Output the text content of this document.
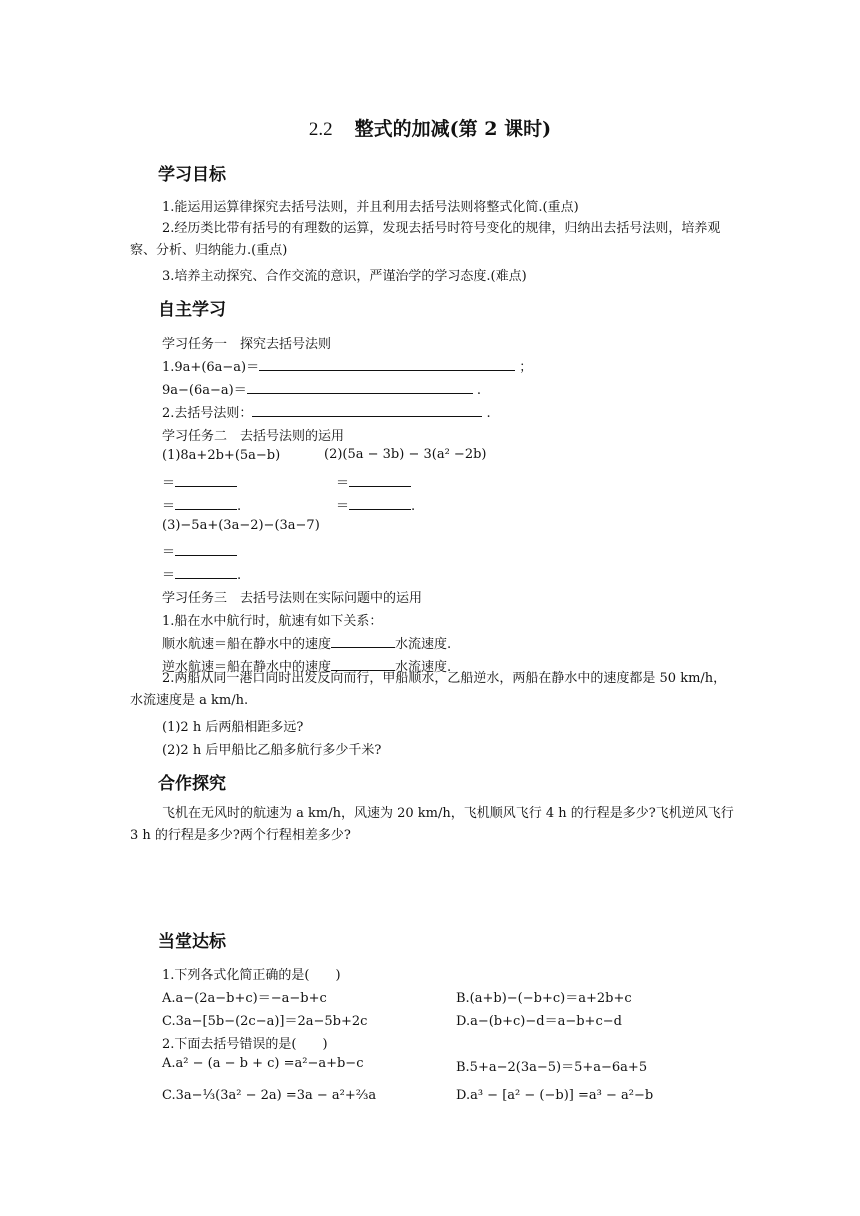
2.2 整式的加减(第 2 课时)
学习目标
1.能运用运算律探究去括号法则，并且利用去括号法则将整式化简.(重点)
2.经历类比带有括号的有理数的运算，发现去括号时符号变化的规律，归纳出去括号法则，培养观察、分析、归纳能力.(重点)
3.培养主动探究、合作交流的意识，严谨治学的学习态度.(难点)
自主学习
学习任务一　探究去括号法则
1.9a+(6a−a)＝	；
9a−(6a−a)＝	.
2.去括号法则：	.
学习任务二　去括号法则的运用
(1)8a+2b+(5a−b)	(2)(5a − 3b) − 3(a² −2b)
＝	＝
＝	.	＝	.
(3)−5a+(3a−2)−(3a−7)
＝
＝	.
学习任务三　去括号法则在实际问题中的运用
1.船在水中航行时，航速有如下关系：
顺水航速＝船在静水中的速度	水流速度.
逆水航速＝船在静水中的速度	水流速度.
2.两船从同一港口同时出发反向而行，甲船顺水，乙船逆水，两船在静水中的速度都是 50 km/h，水流速度是 a km/h.
(1)2 h 后两船相距多远?
(2)2 h 后甲船比乙船多航行多少千米?
合作探究
飞机在无风时的航速为 a km/h，风速为 20 km/h，飞机顺风飞行 4 h 的行程是多少?飞机逆风飞行 3 h 的行程是多少?两个行程相差多少?
当堂达标
1.下列各式化简正确的是(　　)
A.a−(2a−b+c)＝−a−b+c	B.(a+b)−(−b+c)＝a+2b+c
C.3a−[5b−(2c−a)]＝2a−5b+2c	D.a−(b+c)−d＝a−b+c−d
2.下面去括号错误的是(　　)
A.a² − (a − b + c) =a²−a+b−c	B.5+a−2(3a−5)＝5+a−6a+5
C.3a−⅓(3a² − 2a) =3a − a²+⅔a	D.a³ − [a² − (−b)] =a³ − a²−b
